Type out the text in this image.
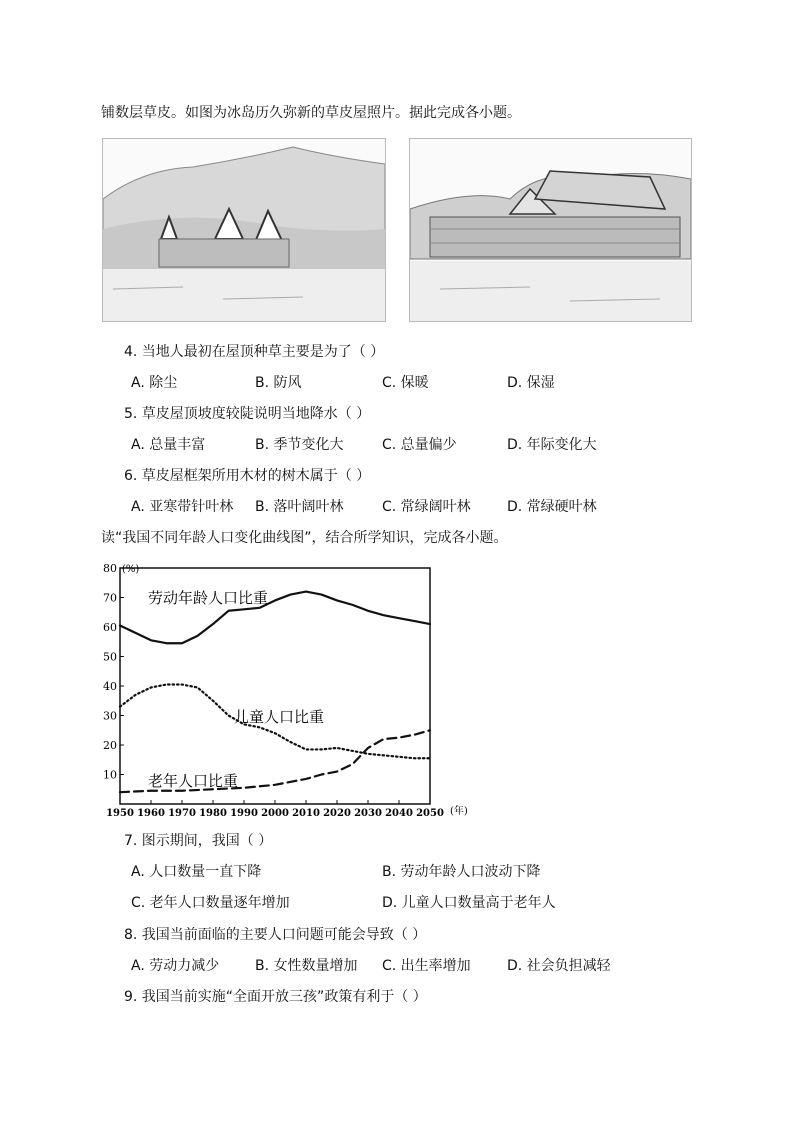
铺数层草皮。如图为冰岛历久弥新的草皮屋照片。据此完成各小题。
4. 当地人最初在屋顶种草主要是为了（ ）
A. 除尘	B. 防风	C. 保暖	D. 保湿
5. 草皮屋顶坡度较陡说明当地降水（ ）
A. 总量丰富	B. 季节变化大	C. 总量偏少	D. 年际变化大
6. 草皮屋框架所用木材的树木属于（ ）
A. 亚寒带针叶林 B. 落叶阔叶林	C. 常绿阔叶林	D. 常绿硬叶林
读“我国不同年龄人口变化曲线图”，结合所学知识，完成各小题。
10
20
30
40
50
60
70
80
1950 1960 1970 1980 1990 2000 2010 2020 2030 2040 2050
(%)
(年)
劳动年龄人口比重
儿童人口比重
老年人口比重
7. 图示期间，我国（ ）
A. 人口数量一直下降	B. 劳动年龄人口波动下降
C. 老年人口数量逐年增加	D. 儿童人口数量高于老年人
8. 我国当前面临的主要人口问题可能会导致（ ）
A. 劳动力减少	B. 女性数量增加 C. 出生率增加	D. 社会负担减轻
9. 我国当前实施“全面开放三孩”政策有利于（ ）
